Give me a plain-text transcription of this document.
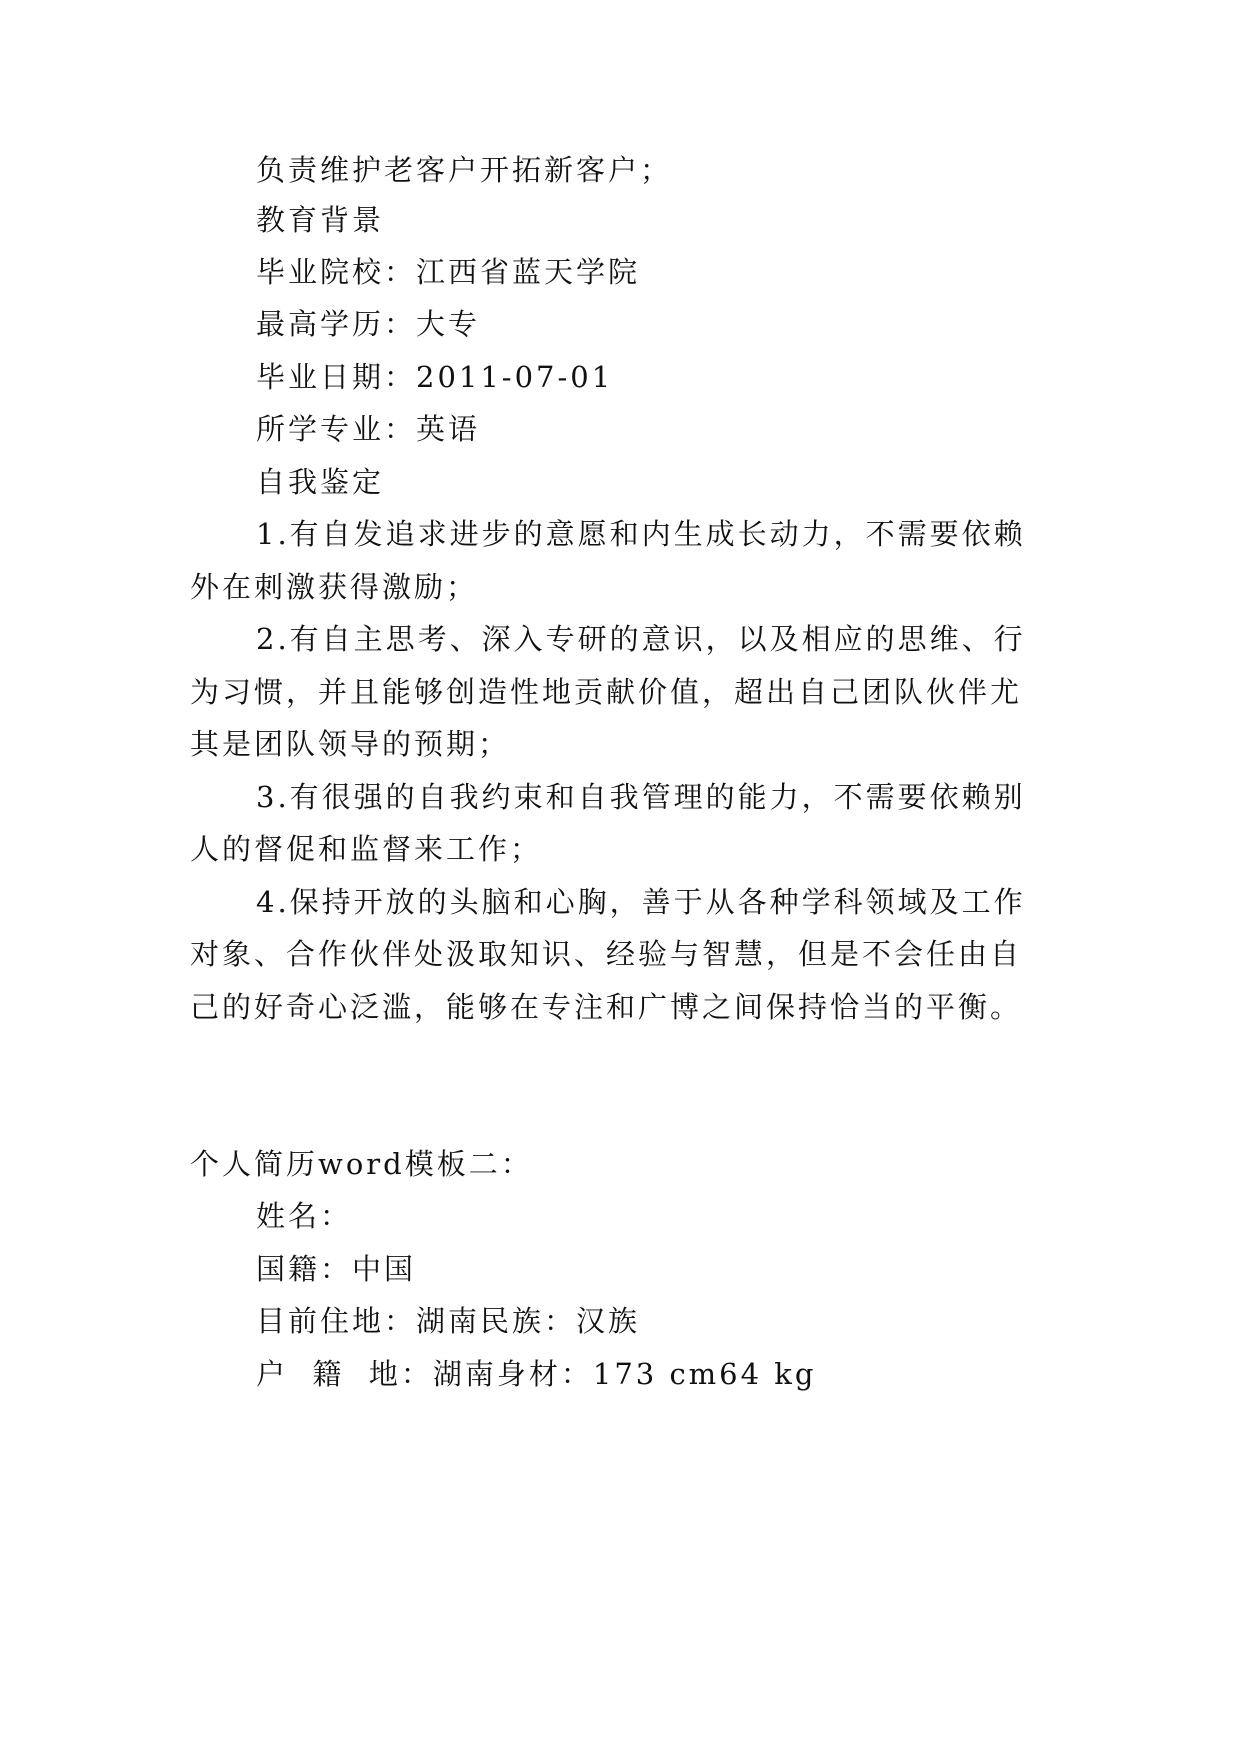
负责维护老客户开拓新客户；
教育背景
毕业院校：江西省蓝天学院
最高学历：大专
毕业日期：2011-07-01
所学专业：英语
自我鉴定
1.有自发追求进步的意愿和内生成长动力，不需要依赖
外在刺激获得激励；
2.有自主思考、深入专研的意识，以及相应的思维、行
为习惯，并且能够创造性地贡献价值，超出自己团队伙伴尤
其是团队领导的预期；
3.有很强的自我约束和自我管理的能力，不需要依赖别
人的督促和监督来工作；
4.保持开放的头脑和心胸，善于从各种学科领域及工作
对象、合作伙伴处汲取知识、经验与智慧，但是不会任由自
己的好奇心泛滥，能够在专注和广博之间保持恰当的平衡。
个人简历word模板二：
姓名：
国籍：中国
目前住地：湖南民族：汉族
户  籍  地：湖南身材：173 cm64 kg
